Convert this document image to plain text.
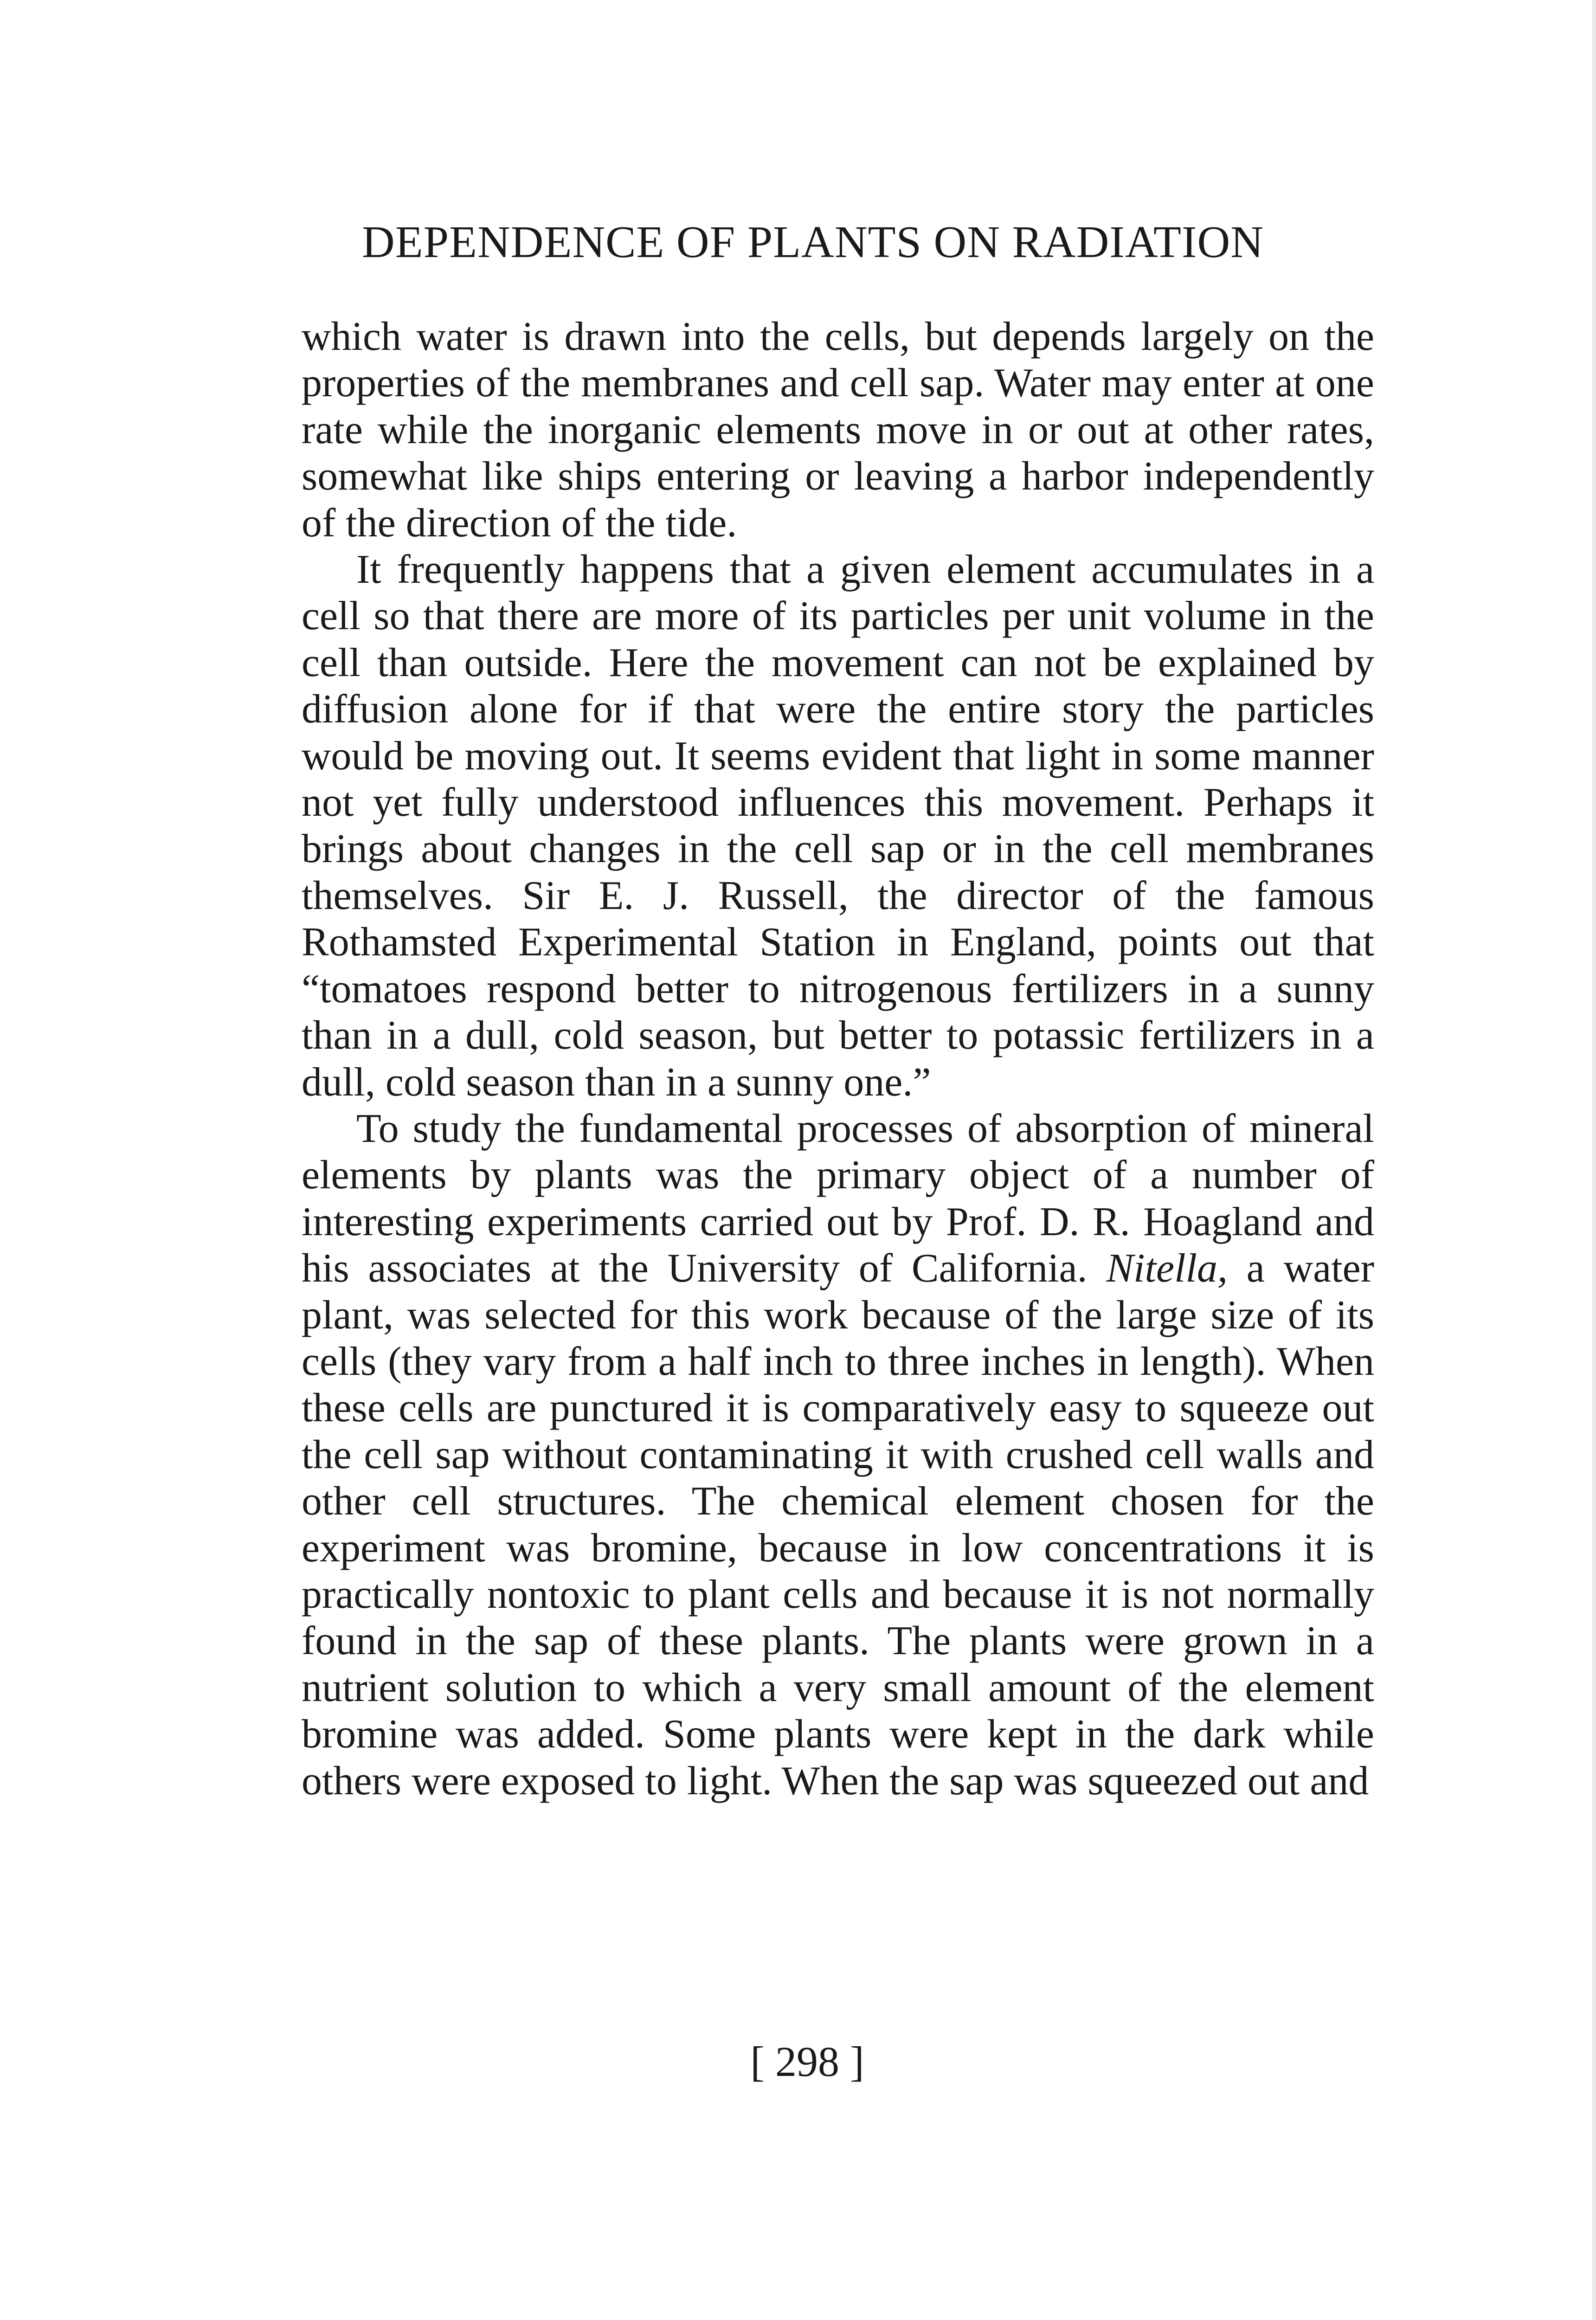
DEPENDENCE OF PLANTS ON RADIATION

which water is drawn into the cells, but depends largely on the properties of the membranes and cell sap. Water may enter at one rate while the inorganic elements move in or out at other rates, somewhat like ships entering or leaving a harbor independently of the direction of the tide.

It frequently happens that a given element accumulates in a cell so that there are more of its particles per unit volume in the cell than outside. Here the movement can not be explained by diffusion alone for if that were the entire story the particles would be moving out. It seems evident that light in some manner not yet fully understood influences this movement. Perhaps it brings about changes in the cell sap or in the cell membranes themselves. Sir E. J. Russell, the director of the famous Rothamsted Experimental Station in England, points out that “tomatoes respond better to nitrogenous fertilizers in a sunny than in a dull, cold season, but better to potassic fertilizers in a dull, cold season than in a sunny one.”

To study the fundamental processes of absorption of mineral elements by plants was the primary object of a number of interesting experiments carried out by Prof. D. R. Hoagland and his associates at the University of California. Nitella, a water plant, was selected for this work because of the large size of its cells (they vary from a half inch to three inches in length). When these cells are punctured it is comparatively easy to squeeze out the cell sap without contaminating it with crushed cell walls and other cell structures. The chemical element chosen for the experiment was bromine, because in low concentrations it is practically nontoxic to plant cells and because it is not normally found in the sap of these plants. The plants were grown in a nutrient solution to which a very small amount of the element bromine was added. Some plants were kept in the dark while others were exposed to light. When the sap was squeezed out and

[ 298 ]
